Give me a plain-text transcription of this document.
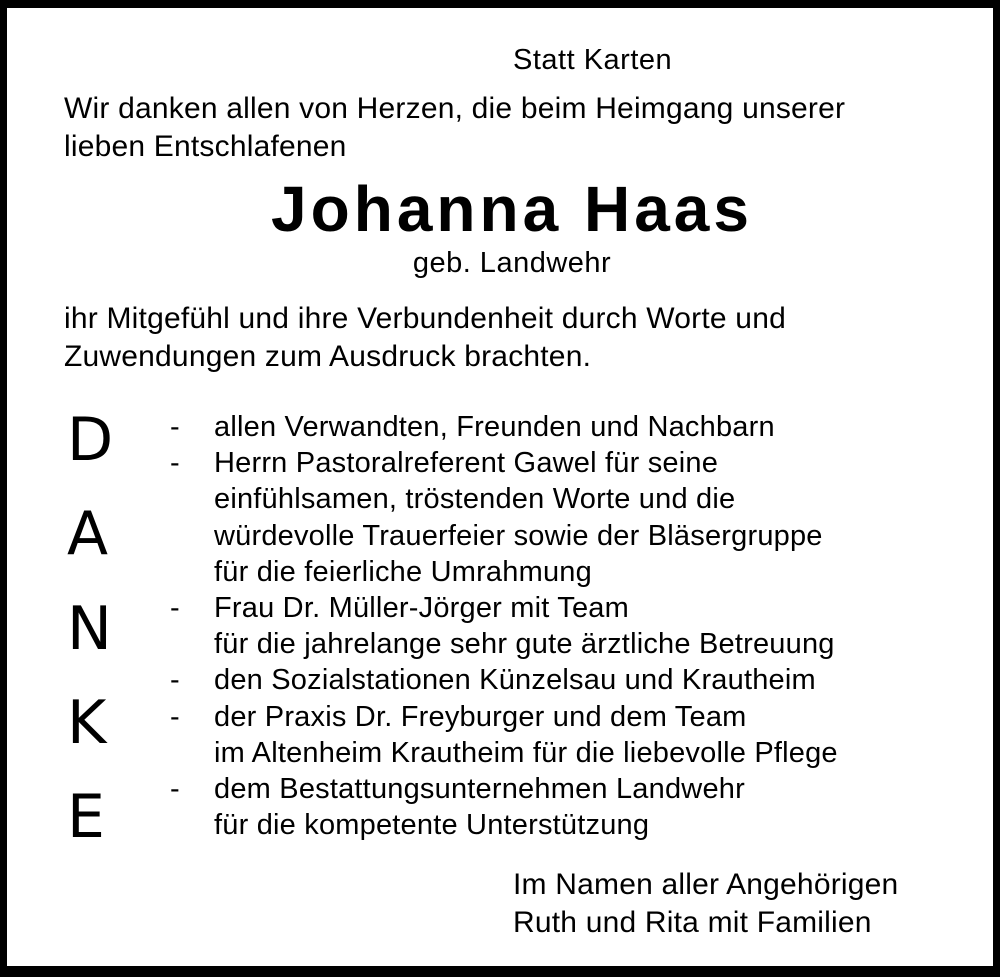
Statt Karten
Wir danken allen von Herzen, die beim Heimgang unserer
lieben Entschlafenen
Johanna Haas
geb. Landwehr
ihr Mitgefühl und ihre Verbundenheit durch Worte und
Zuwendungen zum Ausdruck brachten.
D
A
N
K
E
-	allen Verwandten, Freunden und Nachbarn
-	Herrn Pastoralreferent Gawel für seine
einfühlsamen, tröstenden Worte und die
würdevolle Trauerfeier sowie der Bläsergruppe
für die feierliche Umrahmung
-	Frau Dr. Müller-Jörger mit Team
für die jahrelange sehr gute ärztliche Betreuung
-	den Sozialstationen Künzelsau und Krautheim
-	der Praxis Dr. Freyburger und dem Team
im Altenheim Krautheim für die liebevolle Pflege
-	dem Bestattungsunternehmen Landwehr
für die kompetente Unterstützung
Im Namen aller Angehörigen
Ruth und Rita mit Familien
